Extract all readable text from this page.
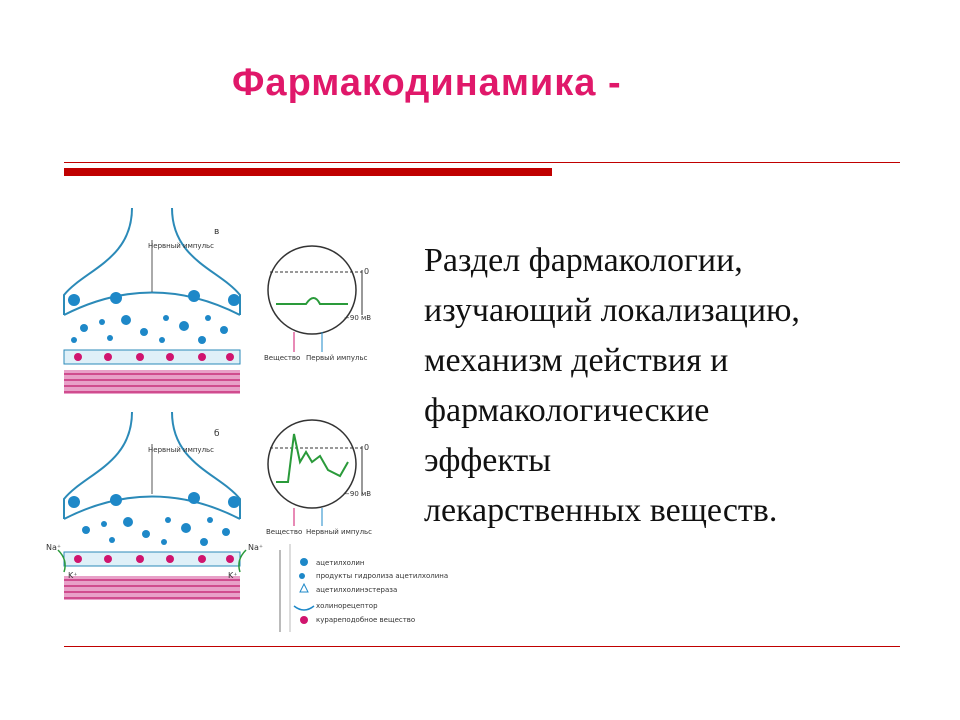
Фармакодинамика -
в
Нервный импульс
0
−90 мВ
Вещество Первый импульс
б
Нервный импульс
Na⁺	Na⁺
K⁺	K⁺
0
−90 мВ
Вещество Нервный импульс
ацетилхолин
продукты гидролиза ацетилхолина
ацетилхолинэстераза
холинорецептор
курареподобное вещество
Раздел фармакологии,
изучающий локализацию,
механизм действия и
фармакологические
эффекты
лекарственных веществ.
